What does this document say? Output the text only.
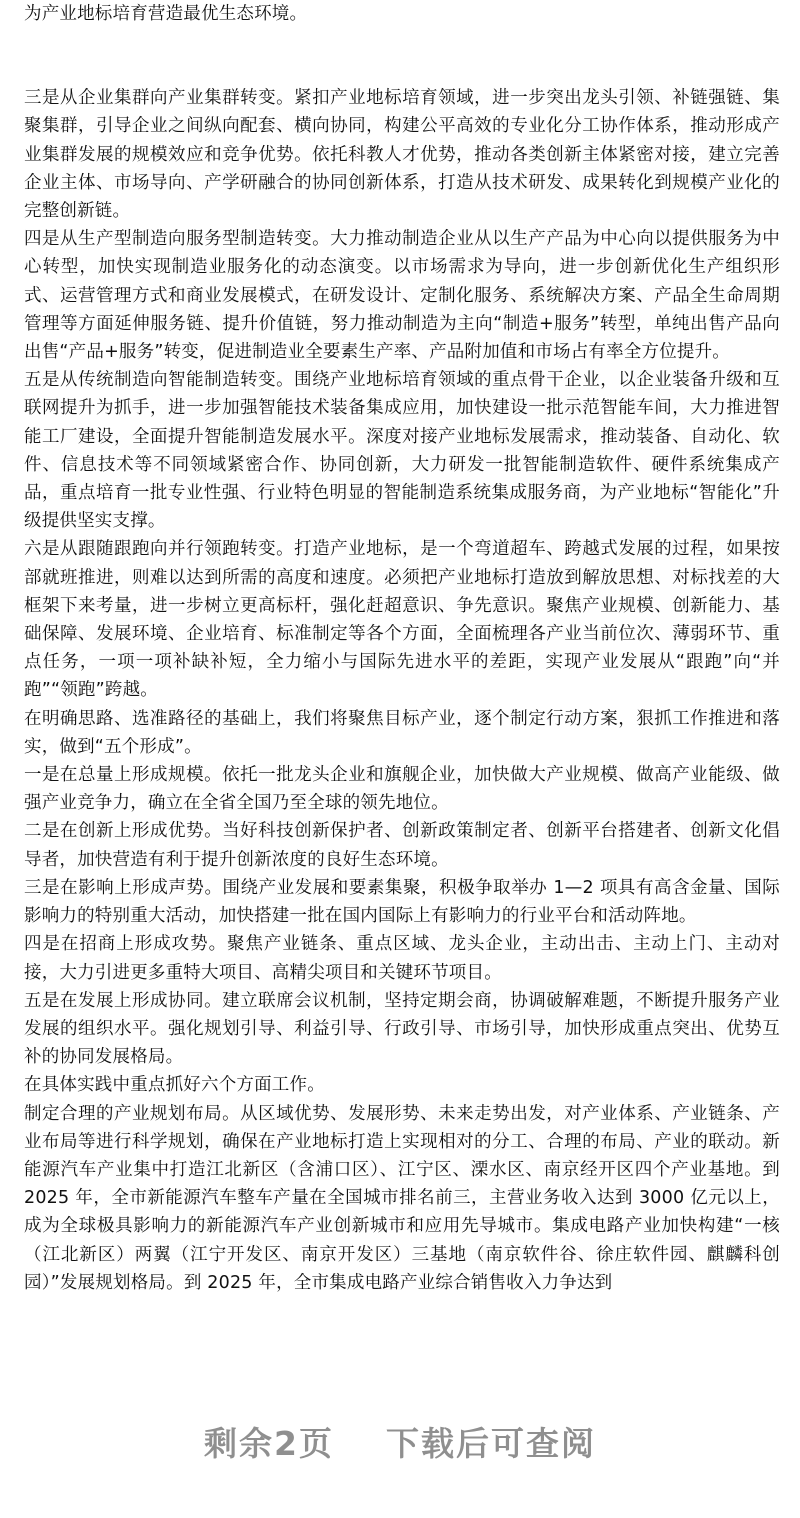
为产业地标培育营造最优生态环境。

三是从企业集群向产业集群转变。紧扣产业地标培育领域，进一步突出龙头引领、补链强链、集聚集群，引导企业之间纵向配套、横向协同，构建公平高效的专业化分工协作体系，推动形成产业集群发展的规模效应和竞争优势。依托科教人才优势，推动各类创新主体紧密对接，建立完善企业主体、市场导向、产学研融合的协同创新体系，打造从技术研发、成果转化到规模产业化的完整创新链。

四是从生产型制造向服务型制造转变。大力推动制造企业从以生产产品为中心向以提供服务为中心转型，加快实现制造业服务化的动态演变。以市场需求为导向，进一步创新优化生产组织形式、运营管理方式和商业发展模式，在研发设计、定制化服务、系统解决方案、产品全生命周期管理等方面延伸服务链、提升价值链，努力推动制造为主向“制造+服务”转型，单纯出售产品向出售“产品+服务”转变，促进制造业全要素生产率、产品附加值和市场占有率全方位提升。

五是从传统制造向智能制造转变。围绕产业地标培育领域的重点骨干企业，以企业装备升级和互联网提升为抓手，进一步加强智能技术装备集成应用，加快建设一批示范智能车间，大力推进智能工厂建设，全面提升智能制造发展水平。深度对接产业地标发展需求，推动装备、自动化、软件、信息技术等不同领域紧密合作、协同创新，大力研发一批智能制造软件、硬件系统集成产品，重点培育一批专业性强、行业特色明显的智能制造系统集成服务商，为产业地标“智能化”升级提供坚实支撑。

六是从跟随跟跑向并行领跑转变。打造产业地标，是一个弯道超车、跨越式发展的过程，如果按部就班推进，则难以达到所需的高度和速度。必须把产业地标打造放到解放思想、对标找差的大框架下来考量，进一步树立更高标杆，强化赶超意识、争先意识。聚焦产业规模、创新能力、基础保障、发展环境、企业培育、标准制定等各个方面，全面梳理各产业当前位次、薄弱环节、重点任务，一项一项补缺补短，全力缩小与国际先进水平的差距，实现产业发展从“跟跑”向“并跑”“领跑”跨越。

在明确思路、选准路径的基础上，我们将聚焦目标产业，逐个制定行动方案，狠抓工作推进和落实，做到“五个形成”。

一是在总量上形成规模。依托一批龙头企业和旗舰企业，加快做大产业规模、做高产业能级、做强产业竞争力，确立在全省全国乃至全球的领先地位。

二是在创新上形成优势。当好科技创新保护者、创新政策制定者、创新平台搭建者、创新文化倡导者，加快营造有利于提升创新浓度的良好生态环境。

三是在影响上形成声势。围绕产业发展和要素集聚，积极争取举办 1—2 项具有高含金量、国际影响力的特别重大活动，加快搭建一批在国内国际上有影响力的行业平台和活动阵地。

四是在招商上形成攻势。聚焦产业链条、重点区域、龙头企业，主动出击、主动上门、主动对接，大力引进更多重特大项目、高精尖项目和关键环节项目。

五是在发展上形成协同。建立联席会议机制，坚持定期会商，协调破解难题，不断提升服务产业发展的组织水平。强化规划引导、利益引导、行政引导、市场引导，加快形成重点突出、优势互补的协同发展格局。

在具体实践中重点抓好六个方面工作。

制定合理的产业规划布局。从区域优势、发展形势、未来走势出发，对产业体系、产业链条、产业布局等进行科学规划，确保在产业地标打造上实现相对的分工、合理的布局、产业的联动。新能源汽车产业集中打造江北新区（含浦口区）、江宁区、溧水区、南京经开区四个产业基地。到 2025 年，全市新能源汽车整车产量在全国城市排名前三，主营业务收入达到 3000 亿元以上，成为全球极具影响力的新能源汽车产业创新城市和应用先导城市。集成电路产业加快构建“一核（江北新区）两翼（江宁开发区、南京开发区）三基地（南京软件谷、徐庄软件园、麒麟科创园）”发展规划格局。到 2025 年，全市集成电路产业综合销售收入力争达到

剩余2页 下载后可查阅
